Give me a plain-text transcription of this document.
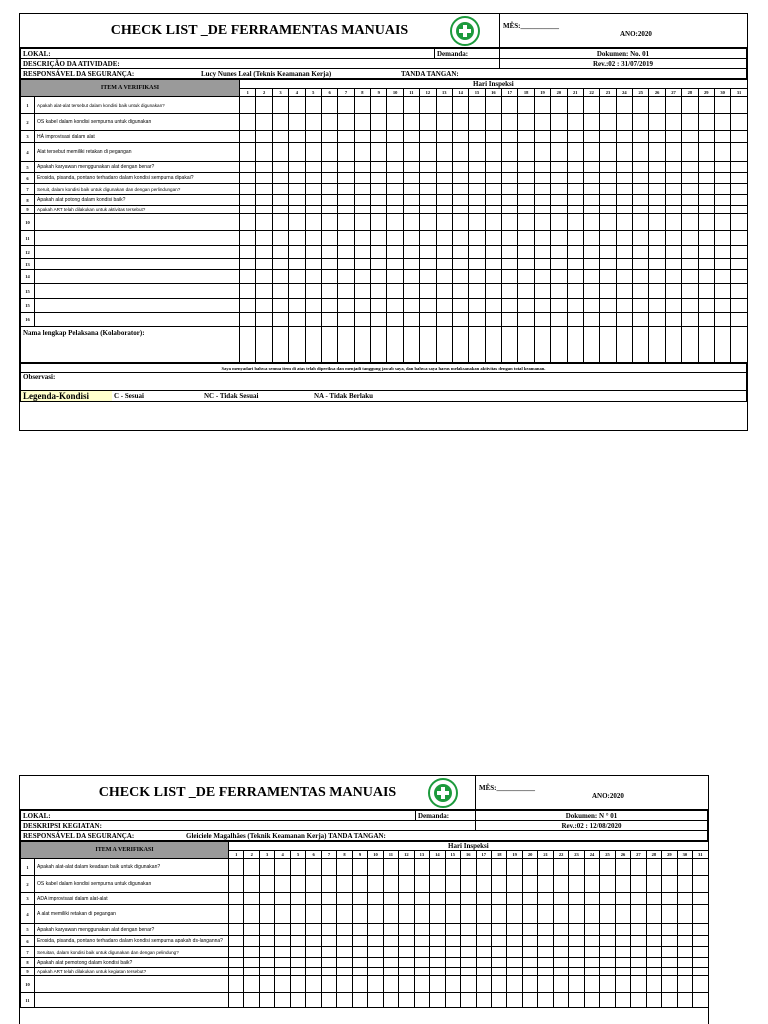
CHECK LIST _DE FERRAMENTAS MANUAIS	MÊS:___________
ANO:2020
LOKAL:	Demanda:	Dokumen: No. 01
DESCRIÇÃO DA ATIVIDADE:		Rev.:02 : 31/07/2019
RESPONSÁVEL DA SEGURANÇA: Lucy Nunes Leal (Teknis Keamanan Kerja) TANDA TANGAN:		
ITEM A VERIFIKASI		Hari Inspeksi																														
		1	2	3	4	5	6	7	8	9	10	11	12	13	14	15	16	17	18	19	20	21	22	23	24	25	26	27	28	29	30	31
1	Apakah alat-alat tersebut dalam kondisi baik untuk digunakan?																															
2	OS kabel dalam kondisi sempurna untuk digunakan																															
3	HÁ improvisasi dalam alat																															
4	Alat tersebut memiliki retakan di pegangan																															
5	Apakah karyawan menggunakan alat dengan benar?																															
6	Erosida, pisanda, pontano terhadaro dalam kondisi sempurna dipakai?																															
7	Seruit, dalam kondisi baik untuk digunakan dan dengan perlindungan?																															
8	Apakah alat potong dalam kondisi baik?																															
9	Apakah ART telah dilakukan untuk aktivitas tersebut?																															
10																																
11																																
12																																
13																																
14																																
15																																
15																																
16																																
Nama lengkap Pelaksana (Kolaborator):																																
Saya menyadari bahwa semua item di atas telah diperiksa dan menjadi tanggung jawab saya, dan bahwa saya harus melaksanakan aktivitas dengan total keamanan.
Observasi:

Legenda-Kondisi	C - Sesuai	NC - Tidak Sesuai	NA - Tidak Berlaku
CHECK LIST _DE FERRAMENTAS MANUAIS	MÊS:___________
ANO:2020
LOKAL:	Demanda:	Dokumen: N ° 01
DESKRIPSI KEGIATAN:		Rev.:02 : 12/08/2020
RESPONSÁVEL DA SEGURANÇA: Gleiciele Magalhães (Teknik Keamanan Kerja) TANDA TANGAN:		
ITEM A VERIFIKASI		Hari Inspeksi																														
		1	2	3	4	5	6	7	8	9	10	11	12	13	14	15	16	17	18	19	20	21	22	23	24	25	26	27	28	29	30	31
1	Apakah alat-alat dalam keadaan baik untuk digunakan?																															
2	OS kabel dalam kondisi sempurna untuk digunakan																															
3	ADA improvisasi dalam alat-alat																															
4	A alat memiliki retakan di pegangan																															
5	Apakah karyawan menggunakan alat dengan benar?																															
6	Erosida, pisanda, pontano terhadaro dalam kondisi sempurna apakah ds-langanna?																															
7	Seruitan, dalam kondisi baik untuk digunakan dan dengan pelindung?																															
8	Apakah alat pemotong dalam kondisi baik?																															
9	Apakah ART telah dilakukan untuk kegiatan tersebut?																															
10																																
11																																
